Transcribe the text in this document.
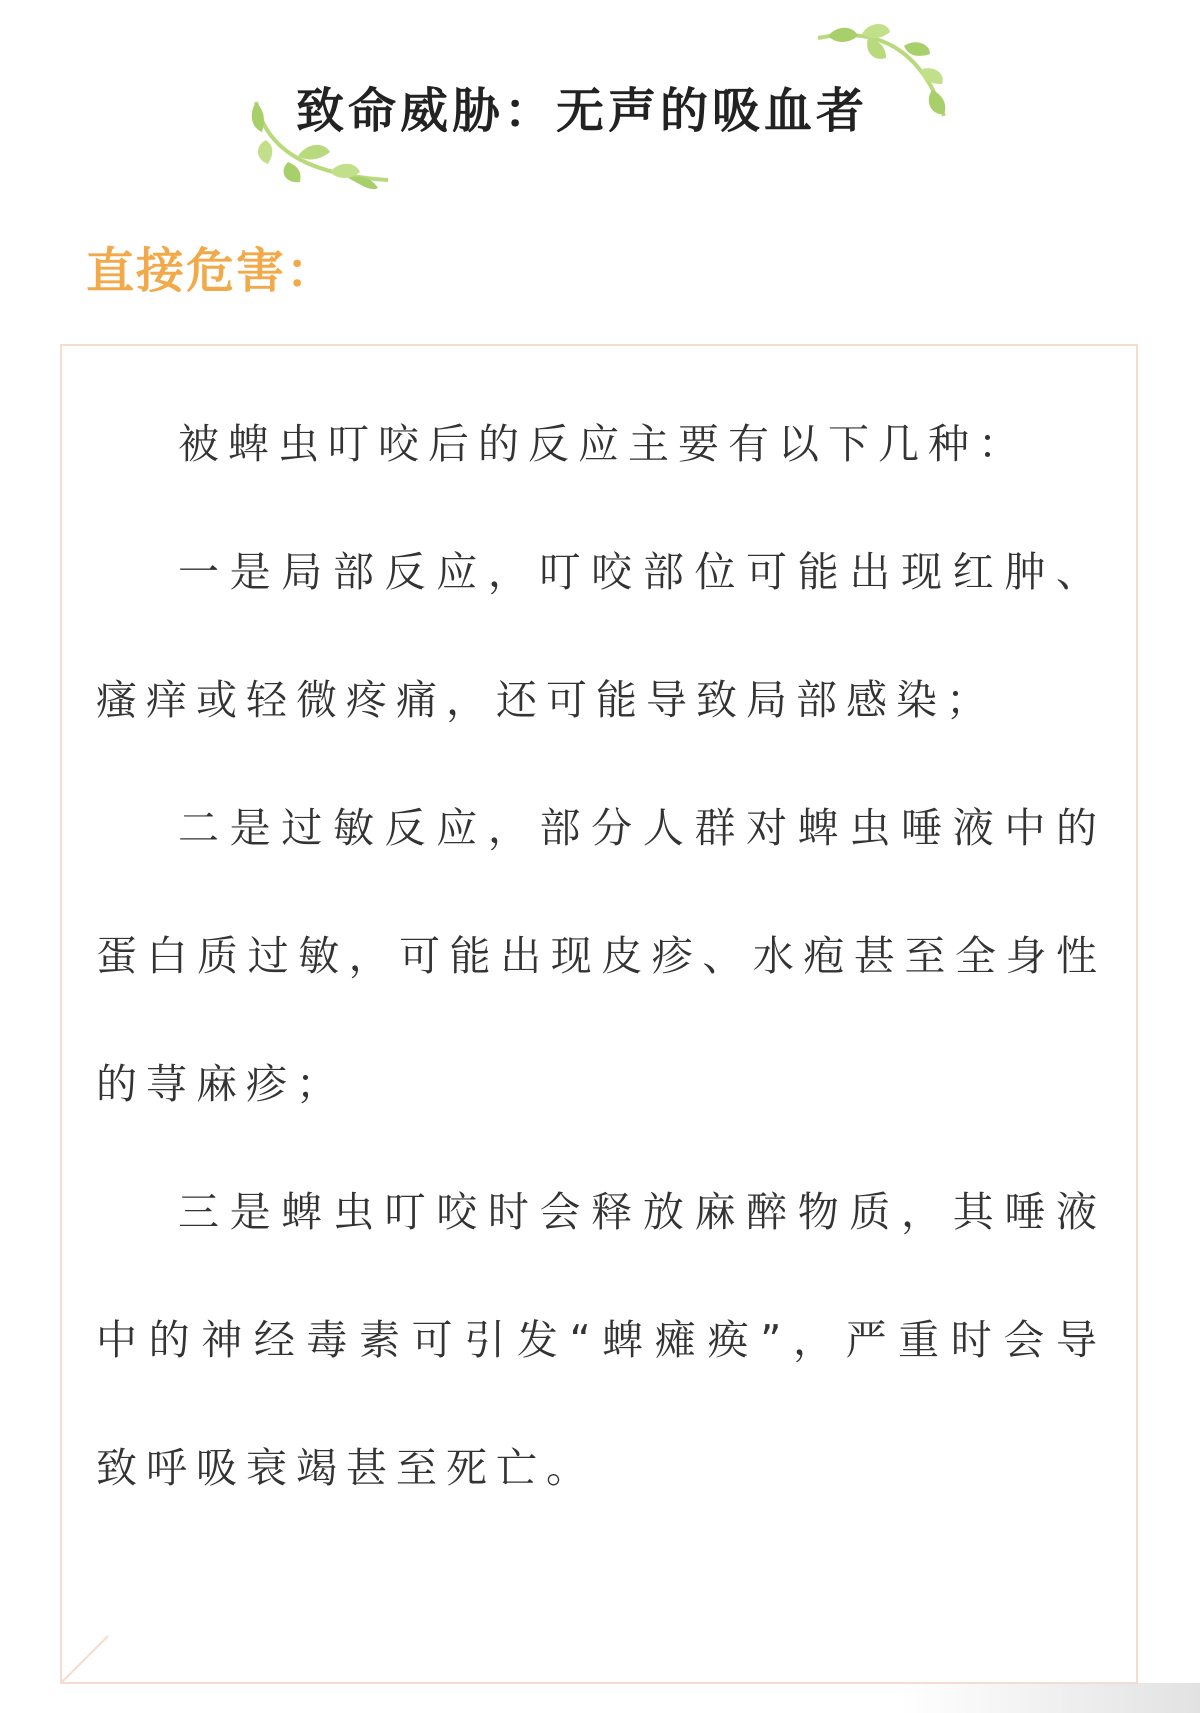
致命威胁：无声的吸血者
直接危害：

被蜱虫叮咬后的反应主要有以下几种：

一是局部反应，叮咬部位可能出现红肿、瘙痒或轻微疼痛，还可能导致局部感染；

二是过敏反应，部分人群对蜱虫唾液中的蛋白质过敏，可能出现皮疹、水疱甚至全身性的荨麻疹；

三是蜱虫叮咬时会释放麻醉物质，其唾液中的神经毒素可引发“蜱瘫痪”，严重时会导致呼吸衰竭甚至死亡。
